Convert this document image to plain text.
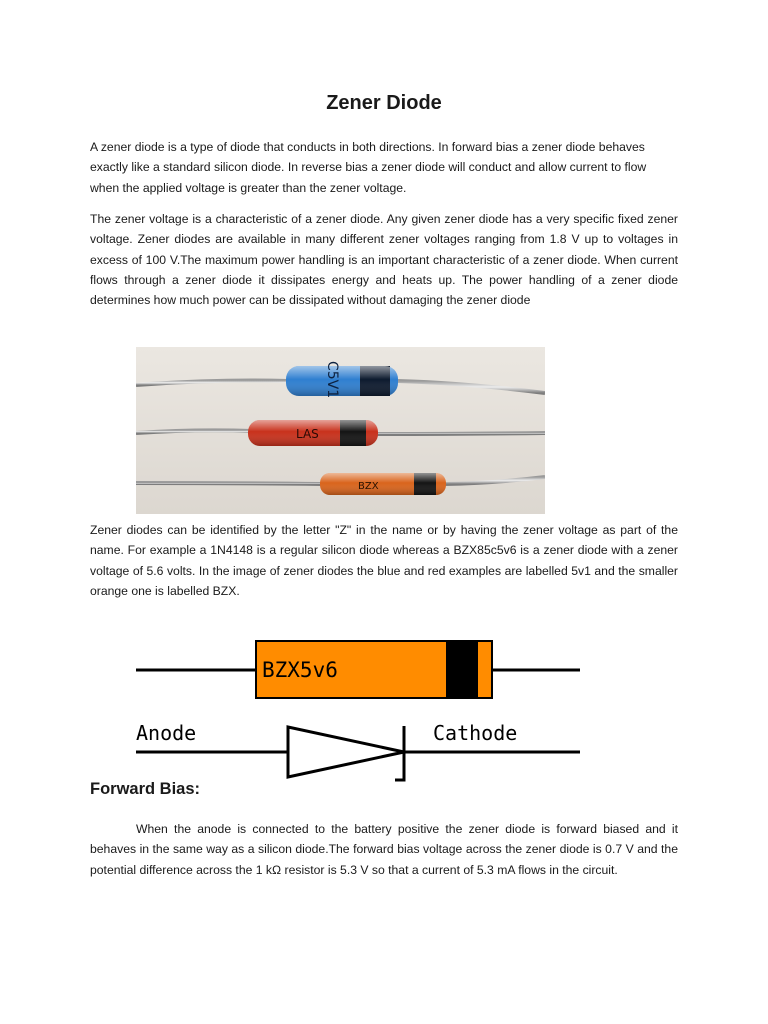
Zener Diode

A zener diode is a type of diode that conducts in both directions. In forward bias a zener diode behaves exactly like a standard silicon diode. In reverse bias a zener diode will conduct and allow current to flow when the applied voltage is greater than the zener voltage.

The zener voltage is a characteristic of a zener diode. Any given zener diode has a very specific fixed zener voltage. Zener diodes are available in many different zener voltages ranging from 1.8 V up to voltages in excess of 100 V.The maximum power handling is an important characteristic of a zener diode. When current flows through a zener diode it dissipates energy and heats up. The power handling of a zener diode determines how much power can be dissipated without damaging the zener diode

C5V1
LAS
BZX

Zener diodes can be identified by the letter "Z" in the name or by having the zener voltage as part of the name. For example a 1N4148 is a regular silicon diode whereas a BZX85c5v6 is a zener diode with a zener voltage of 5.6 volts. In the image of zener diodes the blue and red examples are labelled 5v1 and the smaller orange one is labelled BZX.

BZX5v6
Anode	Cathode
Forward Bias:

When the anode is connected to the battery positive the zener diode is forward biased and it behaves in the same way as a silicon diode.The forward bias voltage across the zener diode is 0.7 V and the potential difference across the 1 kΩ resistor is 5.3 V so that a current of 5.3 mA flows in the circuit.
